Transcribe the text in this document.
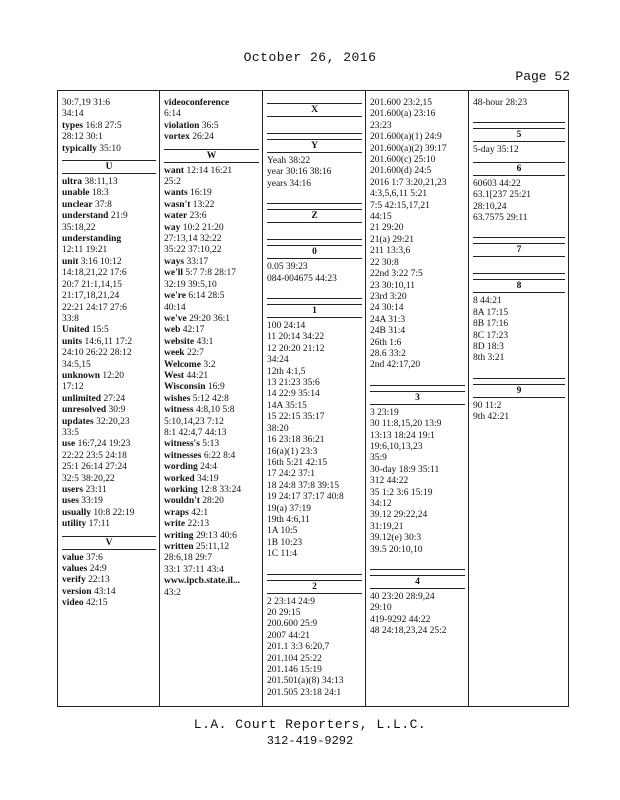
October 26, 2016
Page 52

30:7,19 31:6

34:14

types 16:8 27:5

28:12 30:1

typically 35:10

U

ultra 38:11,13

unable 18:3

unclear 37:8

understand 21:9

35:18,22

understanding

12:11 19:21

unit 3:16 10:12

14:18,21,22 17:6

20:7 21:1,14,15

21:17,18,21,24

22:21 24:17 27:6

33:8

United 15:5

units 14:6,11 17:2

24:10 26:22 28:12

34:5,15

unknown 12:20

17:12

unlimited 27:24

unresolved 30:9

updates 32:20,23

33:5

use 16:7,24 19:23

22:22 23:5 24:18

25:1 26:14 27:24

32:5 38:20,22

users 23:11

uses 33:19

usually 10:8 22:19

utility 17:11

V

value 37:6

values 24:9

verify 22:13

version 43:14

video 42:15

videoconference

6:14

violation 36:5

vortex 26:24

W

want 12:14 16:21

25:2

wants 16:19

wasn't 13:22

water 23:6

way 10:2 21:20

27:13,14 32:22

35:22 37:10,22

ways 33:17

we'll 5:7 7:8 28:17

32:19 39:5,10

we're 6:14 28:5

40:14

we've 29:20 36:1

web 42:17

website 43:1

week 22:7

Welcome 3:2

West 44:21

Wisconsin 16:9

wishes 5:12 42:8

witness 4:8,10 5:8

5:10,14,23 7:12

8:1 42:4,7 44:13

witness's 5:13

witnesses 6:22 8:4

wording 24:4

worked 34:19

working 12:8 33:24

wouldn't 28:20

wraps 42:1

write 22:13

writing 29:13 40:6

written 25:11,12

28:6,18 29:7

33:1 37:11 43:4

www.ipcb.state.il...

43:2

X
Y

Yeah 38:22

year 30:16 38:16

years 34:16

Z
0

0.05 39:23

084-004675 44:23

1

100 24:14

11 20:14 34:22

12 20:20 21:12

34:24

12th 4:1,5

13 21:23 35:6

14 22:9 35:14

14A 35:15

15 22:15 35:17

38:20

16 23:18 36:21

16(a)(1) 23:3

16th 5:21 42:15

17 24:2 37:1

18 24:8 37:8 39:15

19 24:17 37:17 40:8

19(a) 37:19

19th 4:6,11

1A 10:5

1B 10:23

1C 11:4

2

2 23:14 24:9

20 29:15

200.600 25:9

2007 44:21

201.1 3:3 6:20,7

201.104 25:22

201.146 15:19

201.501(a)(8) 34:13

201.505 23:18 24:1

201.600 23:2,15

201.600(a) 23:16

23:23

201.600(a)(1) 24:9

201.600(a)(2) 39:17

201.600(c) 25:10

201.600(d) 24:5

2016 1:7 3:20,21,23

4:3,5,6,11 5:21

7:5 42:15,17,21

44:15

21 29:20

21(a) 29:21

211 13:3,6

22 30:8

22nd 3:22 7:5

23 30:10,11

23rd 3:20

24 30:14

24A 31:3

24B 31:4

26th 1:6

28.6 33:2

2nd 42:17,20

3

3 23:19

30 11:8,15,20 13:9

13:13 18:24 19:1

19:6,10,13,23

35:9

30-day 18:9 35:11

312 44:22

35 1:2 3:6 15:19

34:12

39.12 29:22,24

31:19,21

39.12(e) 30:3

39.5 20:10,10

4

40 23:20 28:9,24

29:10

419-9292 44:22

48 24:18,23,24 25:2

48-hour 28:23

5

5-day 35:12

6

60603 44:22

63.1[237 25:21

28:10,24

63.7575 29:11

7
8

8 44:21

8A 17:15

8B 17:16

8C 17:23

8D 18:3

8th 3:21

9

90 11:2

9th 42:21

L.A. Court Reporters, L.L.C.
312-419-9292
